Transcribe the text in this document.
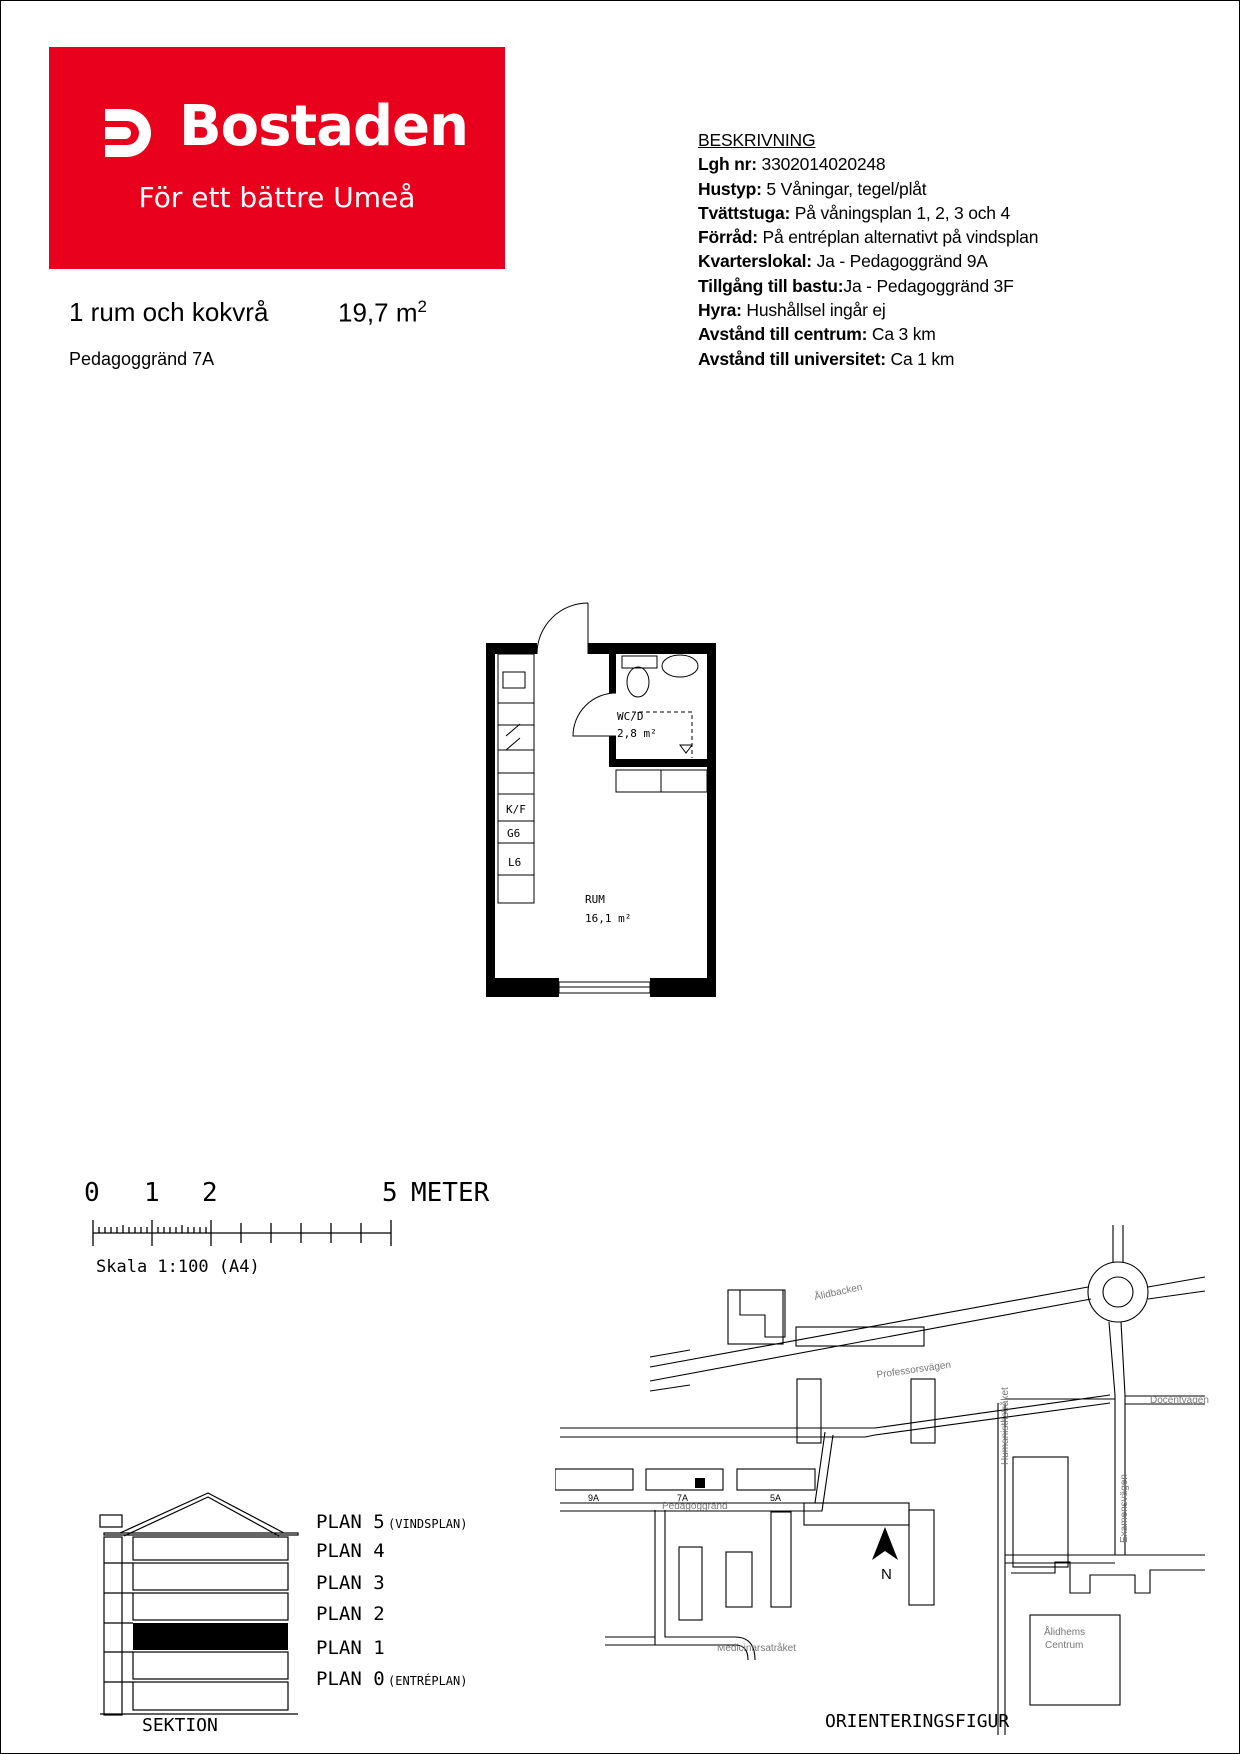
Bostaden
För ett bättre Umeå
1 rum och kokvrå	19,7 $m^2$
Pedagoggränd 7A
BESKRIVNING
Lgh nr: 3302014020248
Hustyp: 5 Våningar, tegel/plåt
Tvättstuga: På våningsplan 1, 2, 3 och 4
Förråd: På entréplan alternativt på vindsplan
Kvarterslokal: Ja - Pedagoggränd 9A
Tillgång till bastu:Ja - Pedagoggränd 3F
Hyra: Hushållsel ingår ej
Avstånd till centrum: Ca 3 km
Avstånd till universitet: Ca 1 km
WC/D
2,8 m²
K/F
G6
L6
RUM
16,1 m²
0 1 2	5 METER
Skala 1:100 (A4)
PLAN 5 (VINDSPLAN)
PLAN 4
PLAN 3
PLAN 2
PLAN 1
PLAN 0 (ENTRÉPLAN)
SEKTION
Ålidbacken
Professorsvägen
Docentvägen
Pedagoggränd
Humanisthstråket
Examensvägen
Medicinarsatråket
Ålidhems
Centrum
9A	7A	5A
N
ORIENTERINGSFIGUR
